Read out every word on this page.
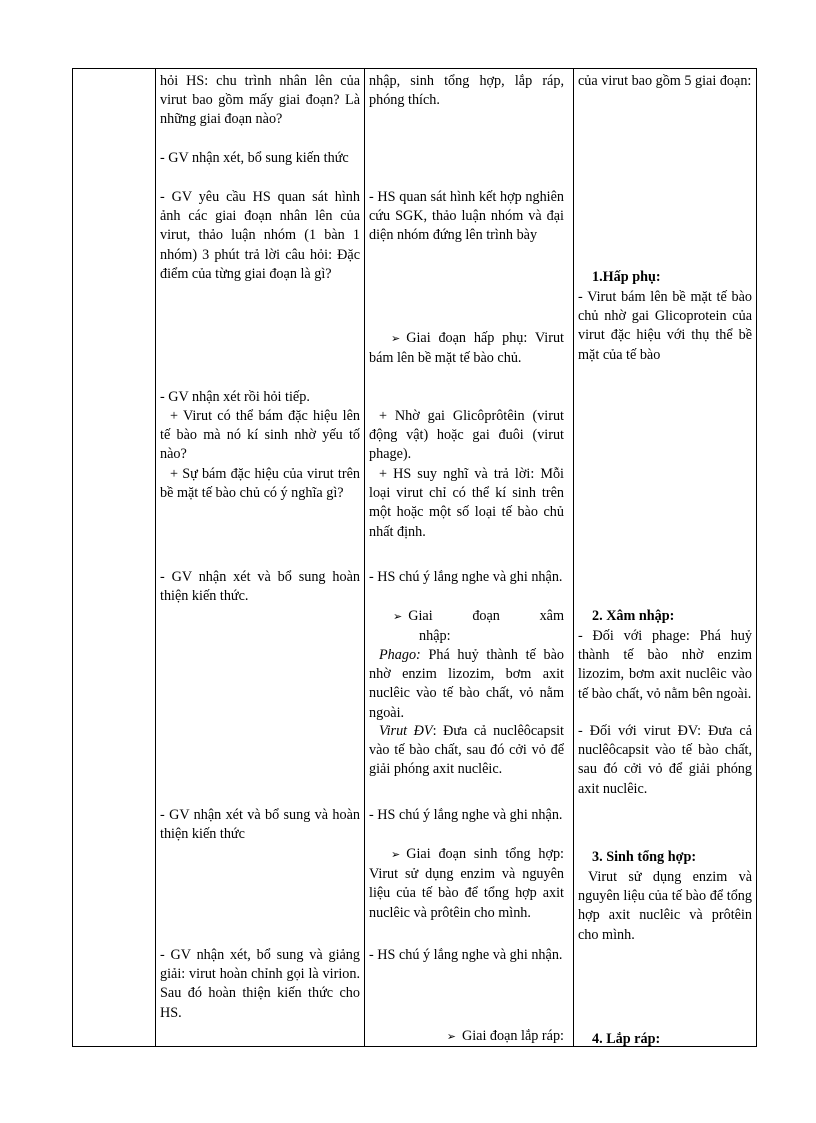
hỏi HS: chu trình nhân lên của virut bao gồm mấy giai đoạn? Là những giai đoạn nào?

- GV nhận xét, bổ sung kiến thức

- GV yêu cầu HS quan sát hình ảnh các giai đoạn nhân lên của virut, thảo luận nhóm (1 bàn 1 nhóm) 3 phút trả lời câu hỏi: Đặc điểm của từng giai đoạn là gì?

- GV nhận xét rồi hỏi tiếp.

+ Virut có thể bám đặc hiệu lên tế bào mà nó kí sinh nhờ yếu tố nào?

+ Sự bám đặc hiệu của virut trên bề mặt tế bào chủ có ý nghĩa gì?

- GV nhận xét và bổ sung hoàn thiện kiến thức.

- GV nhận xét và bổ sung và hoàn thiện kiến thức

- GV nhận xét, bổ sung và giảng giải: virut hoàn chỉnh gọi là virion. Sau đó hoàn thiện kiến thức cho HS.

nhập, sinh tổng hợp, lắp ráp, phóng thích.

- HS quan sát hình kết hợp nghiên cứu SGK, thảo luận nhóm và đại diện nhóm đứng lên trình bày

➢ Giai đoạn hấp phụ: Virut bám lên bề mặt tế bào chủ.

+ Nhờ gai Glicôprôtêin (virut động vật) hoặc gai đuôi (virut phage).

+ HS suy nghĩ và trả lời: Mỗi loại virut chỉ có thể kí sinh trên một hoặc một số loại tế bào chủ nhất định.

- HS chú ý lắng nghe và ghi nhận.

➢ Giai đoạn xâm

nhập:

Phago: Phá huỷ thành tế bào nhờ enzim lizozim, bơm axit nuclêic vào tế bào chất, vỏ nằm ngoài.

Virut ĐV: Đưa cả nuclêôcapsit vào tế bào chất, sau đó cởi vỏ để giải phóng axit nuclêic.

- HS chú ý lắng nghe và ghi nhận.

➢ Giai đoạn sinh tổng hợp: Virut sử dụng enzim và nguyên liệu của tế bào để tổng hợp axit nuclêic và prôtêin cho mình.

- HS chú ý lắng nghe và ghi nhận.

➢ Giai đoạn lắp ráp:

của virut bao gồm 5 giai đoạn:

1.Hấp phụ:

- Virut bám lên bề mặt tế bào chủ nhờ gai Glicoprotein của virut đặc hiệu với thụ thể bề mặt của tế bào

2. Xâm nhập:

- Đối với phage: Phá huỷ thành tế bào nhờ enzim lizozim, bơm axit nuclêic vào tế bào chất, vỏ nằm bên ngoài.

- Đối với virut ĐV: Đưa cả nuclêôcapsit vào tế bào chất, sau đó cởi vỏ để giải phóng axit nuclêic.

3. Sinh tổng hợp:

Virut sử dụng enzim và nguyên liệu của tế bào để tổng hợp axit nuclêic và prôtêin cho mình.

4. Lắp ráp:
